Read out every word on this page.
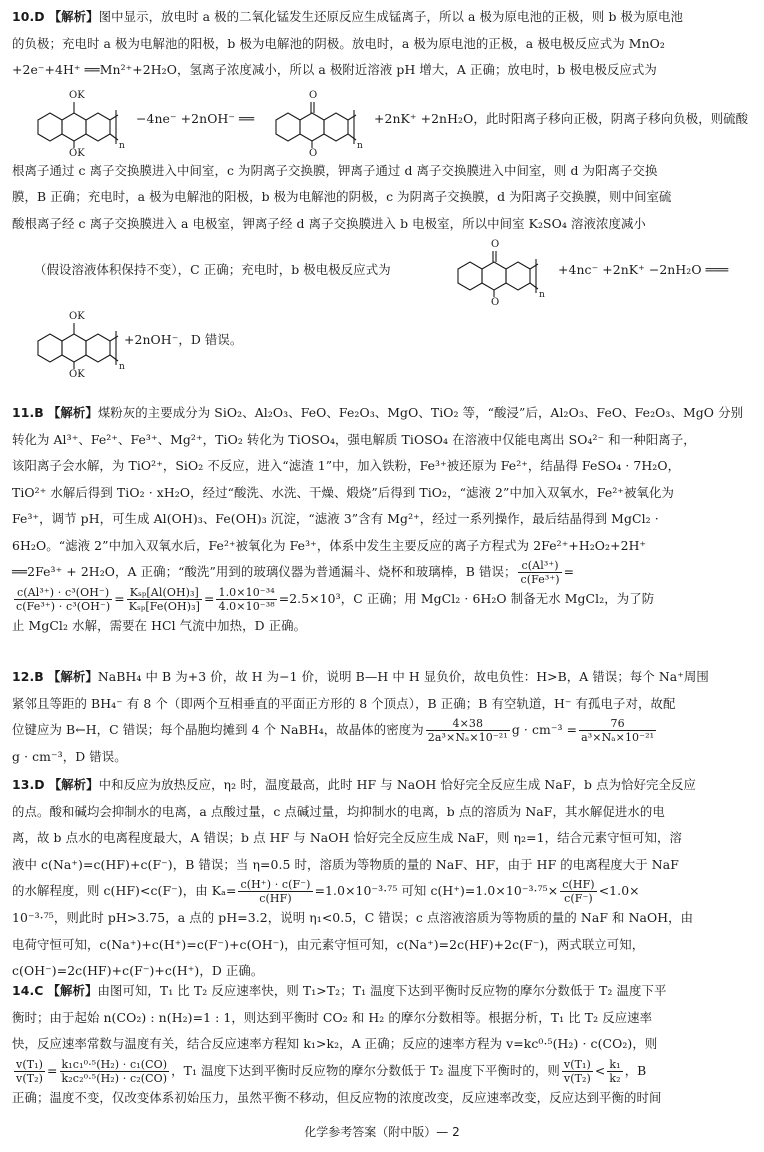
10.D 【解析】图中显示，放电时 a 极的二氧化锰发生还原反应生成锰离子，所以 a 极为原电池的正极，则 b 极为原电池
的负极；充电时 a 极为电解池的阳极，b 极为电解池的阴极。放电时，a 极为原电池的正极，a 极电极反应式为 MnO₂
+2e⁻+4H⁺ ══Mn²⁺+2H₂O，氢离子浓度减小，所以 a 极附近溶液 pH 增大，A 正确；放电时，b 极电极反应式为
OK
OK
n
−4ne⁻ +2nOH⁻ ══
O
O
n
+2nK⁺ +2nH₂O，此时阳离子移向正极，阴离子移向负极，则硫酸
根离子通过 c 离子交换膜进入中间室，c 为阴离子交换膜，钾离子通过 d 离子交换膜进入中间室，则 d 为阳离子交换
膜，B 正确；充电时，a 极为电解池的阳极，b 极为电解池的阴极，c 为阴离子交换膜，d 为阳离子交换膜，则中间室硫
酸根离子经 c 离子交换膜进入 a 电极室，钾离子经 d 离子交换膜进入 b 电极室，所以中间室 K₂SO₄ 溶液浓度减小
（假设溶液体积保持不变），C 正确；充电时，b 极电极反应式为
O
O
n
+4nc⁻ +2nK⁺ −2nH₂O ═══
OK
OK
n
+2nOH⁻，D 错误。
11.B 【解析】煤粉灰的主要成分为 SiO₂、Al₂O₃、FeO、Fe₂O₃、MgO、TiO₂ 等，“酸浸”后，Al₂O₃、FeO、Fe₂O₃、MgO 分别
转化为 Al³⁺、Fe²⁺、Fe³⁺、Mg²⁺，TiO₂ 转化为 TiOSO₄，强电解质 TiOSO₄ 在溶液中仅能电离出 SO₄²⁻ 和一种阳离子，
该阳离子会水解，为 TiO²⁺，SiO₂ 不反应，进入“滤渣 1”中，加入铁粉，Fe³⁺被还原为 Fe²⁺，结晶得 FeSO₄ · 7H₂O，
TiO²⁺ 水解后得到 TiO₂ · xH₂O，经过“酸洗、水洗、干燥、煅烧”后得到 TiO₂，“滤液 2”中加入双氧水，Fe²⁺被氧化为
Fe³⁺，调节 pH，可生成 Al(OH)₃、Fe(OH)₃ 沉淀，“滤液 3”含有 Mg²⁺，经过一系列操作，最后结晶得到 MgCl₂ ·
6H₂O。“滤液 2”中加入双氧水后，Fe²⁺被氧化为 Fe³⁺，体系中发生主要反应的离子方程式为 2Fe²⁺+H₂O₂+2H⁺
══2Fe³⁺ + 2H₂O，A 正确；“酸洗”用到的玻璃仪器为普通漏斗、烧杯和玻璃棒，B 错误； $\frac{\text{c(Al³⁺)}}{\text{c(Fe³⁺)}}$ =
$\frac{\text{c(Al³⁺) · c³(OH⁻)}}{\text{c(Fe³⁺) · c³(OH⁻)}} = \frac{\text{Kₛₚ[Al(OH)₃]}}{\text{Kₛₚ[Fe(OH)₃]}} = \frac{\text{1.0×10⁻³⁴}}{\text{4.0×10⁻³⁸}} =2.5\times 10^3$，C 正确；用 MgCl₂ · 6H₂O 制备无水 MgCl₂，为了防
止 MgCl₂ 水解，需要在 HCl 气流中加热，D 正确。
12.B 【解析】NaBH₄ 中 B 为+3 价，故 H 为−1 价，说明 B—H 中 H 显负价，故电负性：H>B，A 错误；每个 Na⁺周围
紧邻且等距的 BH₄⁻ 有 8 个（即两个互相垂直的平面正方形的 8 个顶点），B 正确；B 有空轨道，H⁻ 有孤电子对，故配
位键应为 B←H，C 错误；每个晶胞均摊到 4 个 NaBH₄，故晶体的密度为 $\frac{4\times 38}{\text{2a³×Nₐ×10⁻²¹}}$ $g \cdot cm^{-3} = \frac{76}{\text{a³×Nₐ×10⁻²¹}}$
g · cm⁻³，D 错误。
13.D 【解析】中和反应为放热反应，η₂ 时，温度最高，此时 HF 与 NaOH 恰好完全反应生成 NaF，b 点为恰好完全反应
的点。酸和碱均会抑制水的电离，a 点酸过量，c 点碱过量，均抑制水的电离，b 点的溶质为 NaF，其水解促进水的电
离，故 b 点水的电离程度最大，A 错误；b 点 HF 与 NaOH 恰好完全反应生成 NaF，则 η₂=1，结合元素守恒可知，溶
液中 c(Na⁺)=c(HF)+c(F⁻)，B 错误；当 η=0.5 时，溶质为等物质的量的 NaF、HF，由于 HF 的电离程度大于 NaF
的水解程度，则 c(HF)<c(F⁻)，由 $K_a= \frac{c(H^+) \cdot c(F^-)}{c(HF)} =1.0\times 10^{-3}\cdot^{75}$ 可知 $c(H^+)=1.0\times 10^{-3}\cdot^{75}\times \frac{c(HF)}{c(F^-)} <1.0\times$
10⁻³·⁷⁵，则此时 pH>3.75，a 点的 pH=3.2，说明 η₁<0.5，C 错误；c 点溶液溶质为等物质的量的 NaF 和 NaOH，由
电荷守恒可知，c(Na⁺)+c(H⁺)=c(F⁻)+c(OH⁻)，由元素守恒可知，c(Na⁺)=2c(HF)+2c(F⁻)，两式联立可知，
c(OH⁻)=2c(HF)+c(F⁻)+c(H⁺)，D 正确。
14.C 【解析】由图可知，T₁ 比 T₂ 反应速率快，则 T₁>T₂；T₁ 温度下达到平衡时反应物的摩尔分数低于 T₂ 温度下平
衡时；由于起始 n(CO₂) : n(H₂)=1 : 1，则达到平衡时 CO₂ 和 H₂ 的摩尔分数相等。根据分析，T₁ 比 T₂ 反应速率
快，反应速率常数与温度有关，结合反应速率方程知 k₁>k₂，A 正确；反应的速率方程为 v=kc⁰·⁵(H₂) · c(CO₂)，则
$\frac{\text{v(T₁)}}{\text{v(T₂)}} = \frac{\text{k₁c₁⁰·⁵(H₂) · c₁(CO)}}{\text{k₂c₂⁰·⁵(H₂) · c₂(CO)}}$ ，T₁ 温度下达到平衡时反应物的摩尔分数低于 T₂ 温度下平衡时的，则 $\frac{\text{v(T₁)}}{\text{v(T₂)}} < \frac{\text{k₁}}{\text{k₂}}$ ，B
正确；温度不变，仅改变体系初始压力，虽然平衡不移动，但反应物的浓度改变，反应速率改变，反应达到平衡的时间
化学参考答案（附中版）— 2
